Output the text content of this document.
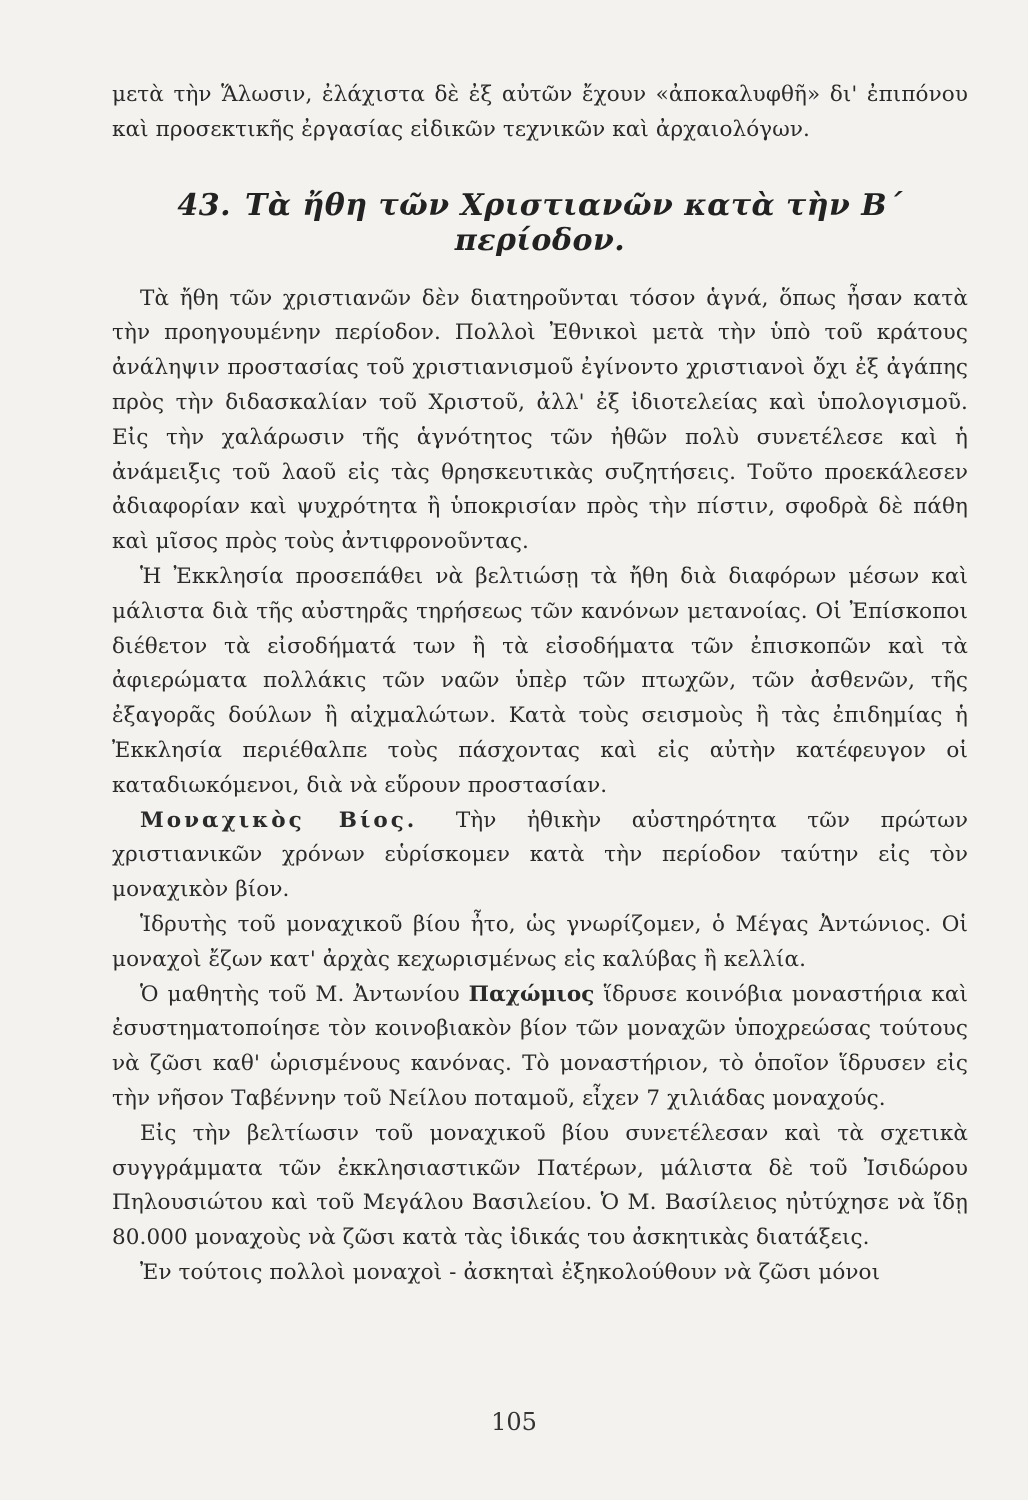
μετὰ τὴν Ἅλωσιν, ἐλάχιστα δὲ ἐξ αὐτῶν ἔχουν «ἀποκαλυφθῆ» δι' ἐπιπόνου καὶ προσεκτικῆς ἐργασίας εἰδικῶν τεχνικῶν καὶ ἀρχαιολόγων.

43. Τὰ ἤθη τῶν Χριστιανῶν κατὰ τὴν Β΄ περίοδον.

Τὰ ἤθη τῶν χριστιανῶν δὲν διατηροῦνται τόσον ἁγνά, ὅπως ἦσαν κατὰ τὴν προηγουμένην περίοδον. Πολλοὶ Ἐθνικοὶ μετὰ τὴν ὑπὸ τοῦ κράτους ἀνάληψιν προστασίας τοῦ χριστιανισμοῦ ἐγίνοντο χριστιανοὶ ὄχι ἐξ ἀγάπης πρὸς τὴν διδασκαλίαν τοῦ Χριστοῦ, ἀλλ' ἐξ ἰδιοτελείας καὶ ὑπολογισμοῦ. Εἰς τὴν χαλάρωσιν τῆς ἁγνότητος τῶν ἠθῶν πολὺ συνετέλεσε καὶ ἡ ἀνάμειξις τοῦ λαοῦ εἰς τὰς θρησκευτικὰς συζητήσεις. Τοῦτο προεκάλεσεν ἀδιαφορίαν καὶ ψυχρότητα ἢ ὑποκρισίαν πρὸς τὴν πίστιν, σφοδρὰ δὲ πάθη καὶ μῖσος πρὸς τοὺς ἀντιφρονοῦντας.

Ἡ Ἐκκλησία προσεπάθει νὰ βελτιώσῃ τὰ ἤθη διὰ διαφόρων μέσων καὶ μάλιστα διὰ τῆς αὐστηρᾶς τηρήσεως τῶν κανόνων μετανοίας. Οἱ Ἐπίσκοποι διέθετον τὰ εἰσοδήματά των ἢ τὰ εἰσοδήματα τῶν ἐπισκοπῶν καὶ τὰ ἀφιερώματα πολλάκις τῶν ναῶν ὑπὲρ τῶν πτωχῶν, τῶν ἀσθενῶν, τῆς ἐξαγορᾶς δούλων ἢ αἰχμαλώτων. Κατὰ τοὺς σεισμοὺς ἢ τὰς ἐπιδημίας ἡ Ἐκκλησία περιέθαλπε τοὺς πάσχοντας καὶ εἰς αὐτὴν κατέφευγον οἱ καταδιωκόμενοι, διὰ νὰ εὕρουν προστασίαν.

Μοναχικὸς Βίος. Τὴν ἠθικὴν αὐστηρότητα τῶν πρώτων χριστιανικῶν χρόνων εὑρίσκομεν κατὰ τὴν περίοδον ταύτην εἰς τὸν μοναχικὸν βίον.

Ἱδρυτὴς τοῦ μοναχικοῦ βίου ἦτο, ὡς γνωρίζομεν, ὁ Μέγας Ἀντώνιος. Οἱ μοναχοὶ ἔζων κατ' ἀρχὰς κεχωρισμένως εἰς καλύβας ἢ κελλία.

Ὁ μαθητὴς τοῦ Μ. Ἀντωνίου Παχώμιος ἵδρυσε κοινόβια μοναστήρια καὶ ἐσυστηματοποίησε τὸν κοινοβιακὸν βίον τῶν μοναχῶν ὑποχρεώσας τούτους νὰ ζῶσι καθ' ὡρισμένους κανόνας. Τὸ μοναστήριον, τὸ ὁποῖον ἵδρυσεν εἰς τὴν νῆσον Ταβέννην τοῦ Νείλου ποταμοῦ, εἶχεν 7 χιλιάδας μοναχούς.

Εἰς τὴν βελτίωσιν τοῦ μοναχικοῦ βίου συνετέλεσαν καὶ τὰ σχετικὰ συγγράμματα τῶν ἐκκλησιαστικῶν Πατέρων, μάλιστα δὲ τοῦ Ἰσιδώρου Πηλουσιώτου καὶ τοῦ Μεγάλου Βασιλείου. Ὁ Μ. Βασίλειος ηὐτύχησε νὰ ἴδῃ 80.000 μοναχοὺς νὰ ζῶσι κατὰ τὰς ἰδικάς του ἀσκητικὰς διατάξεις.

Ἐν τούτοις πολλοὶ μοναχοὶ - ἀσκηταὶ ἐξηκολούθουν νὰ ζῶσι μόνοι

105
